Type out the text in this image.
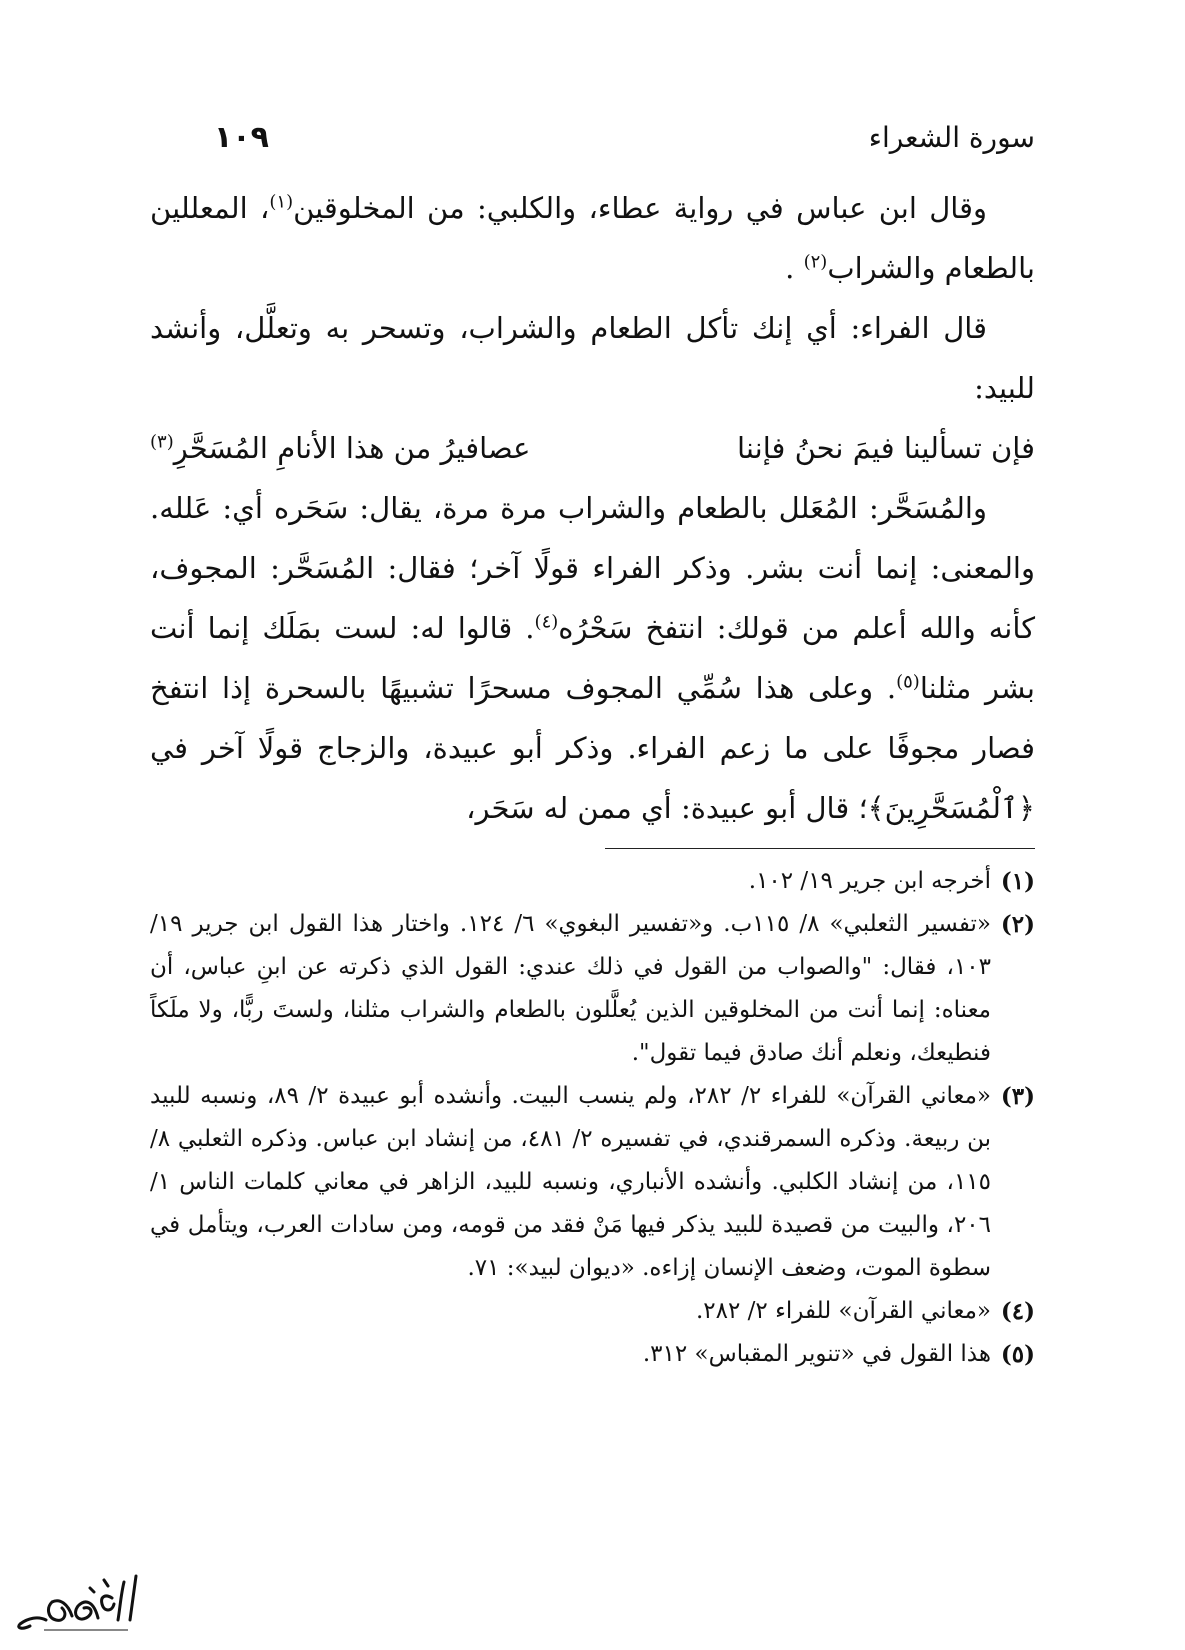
سورة الشعراء
١٠٩

وقال ابن عباس في رواية عطاء، والكلبي: من المخلوقين$^{(١)}$، المعللين بالطعام والشراب$^{(٢)}$ .

قال الفراء: أي إنك تأكل الطعام والشراب، وتسحر به وتعلَّل، وأنشد للبيد:

فإن تسألينا فيمَ نحنُ فإننا
عصافيرُ من هذا الأنامِ المُسَحَّرِ$^{(٣)}$

والمُسَحَّر: المُعَلل بالطعام والشراب مرة مرة، يقال: سَحَره أي: عَلله. والمعنى: إنما أنت بشر. وذكر الفراء قولًا آخر؛ فقال: المُسَحَّر: المجوف، كأنه والله أعلم من قولك: انتفخ سَحْرُه$^{(٤)}$. قالوا له: لست بمَلَك إنما أنت بشر مثلنا$^{(٥)}$. وعلى هذا سُمِّي المجوف مسحرًا تشبيهًا بالسحرة إذا انتفخ فصار مجوفًا على ما زعم الفراء. وذكر أبو عبيدة، والزجاج قولًا آخر في ﴿ٱلْمُسَحَّرِينَ﴾؛ قال أبو عبيدة: أي ممن له سَحَر،

(١)
أخرجه ابن جرير ١٩/ ١٠٢.
(٢)
«تفسير الثعلبي» ٨/ ١١٥ب. و«تفسير البغوي» ٦/ ١٢٤. واختار هذا القول ابن جرير ١٩/ ١٠٣، فقال: "والصواب من القول في ذلك عندي: القول الذي ذكرته عن ابنِ عباس، أن معناه: إنما أنت من المخلوقين الذين يُعلَّلون بالطعام والشراب مثلنا، ولستَ ربًّا، ولا ملَكاً فنطيعك، ونعلم أنك صادق فيما تقول".
(٣)
«معاني القرآن» للفراء ٢/ ٢٨٢، ولم ينسب البيت. وأنشده أبو عبيدة ٢/ ٨٩، ونسبه للبيد بن ربيعة. وذكره السمرقندي، في تفسيره ٢/ ٤٨١، من إنشاد ابن عباس. وذكره الثعلبي ٨/ ١١٥، من إنشاد الكلبي. وأنشده الأنباري، ونسبه للبيد، الزاهر في معاني كلمات الناس ١/ ٢٠٦، والبيت من قصيدة للبيد يذكر فيها مَنْ فقد من قومه، ومن سادات العرب، ويتأمل في سطوة الموت، وضعف الإنسان إزاءه. «ديوان لبيد»: ٧١.
(٤)
«معاني القرآن» للفراء ٢/ ٢٨٢.
(٥)
هذا القول في «تنوير المقباس» ٣١٢.
